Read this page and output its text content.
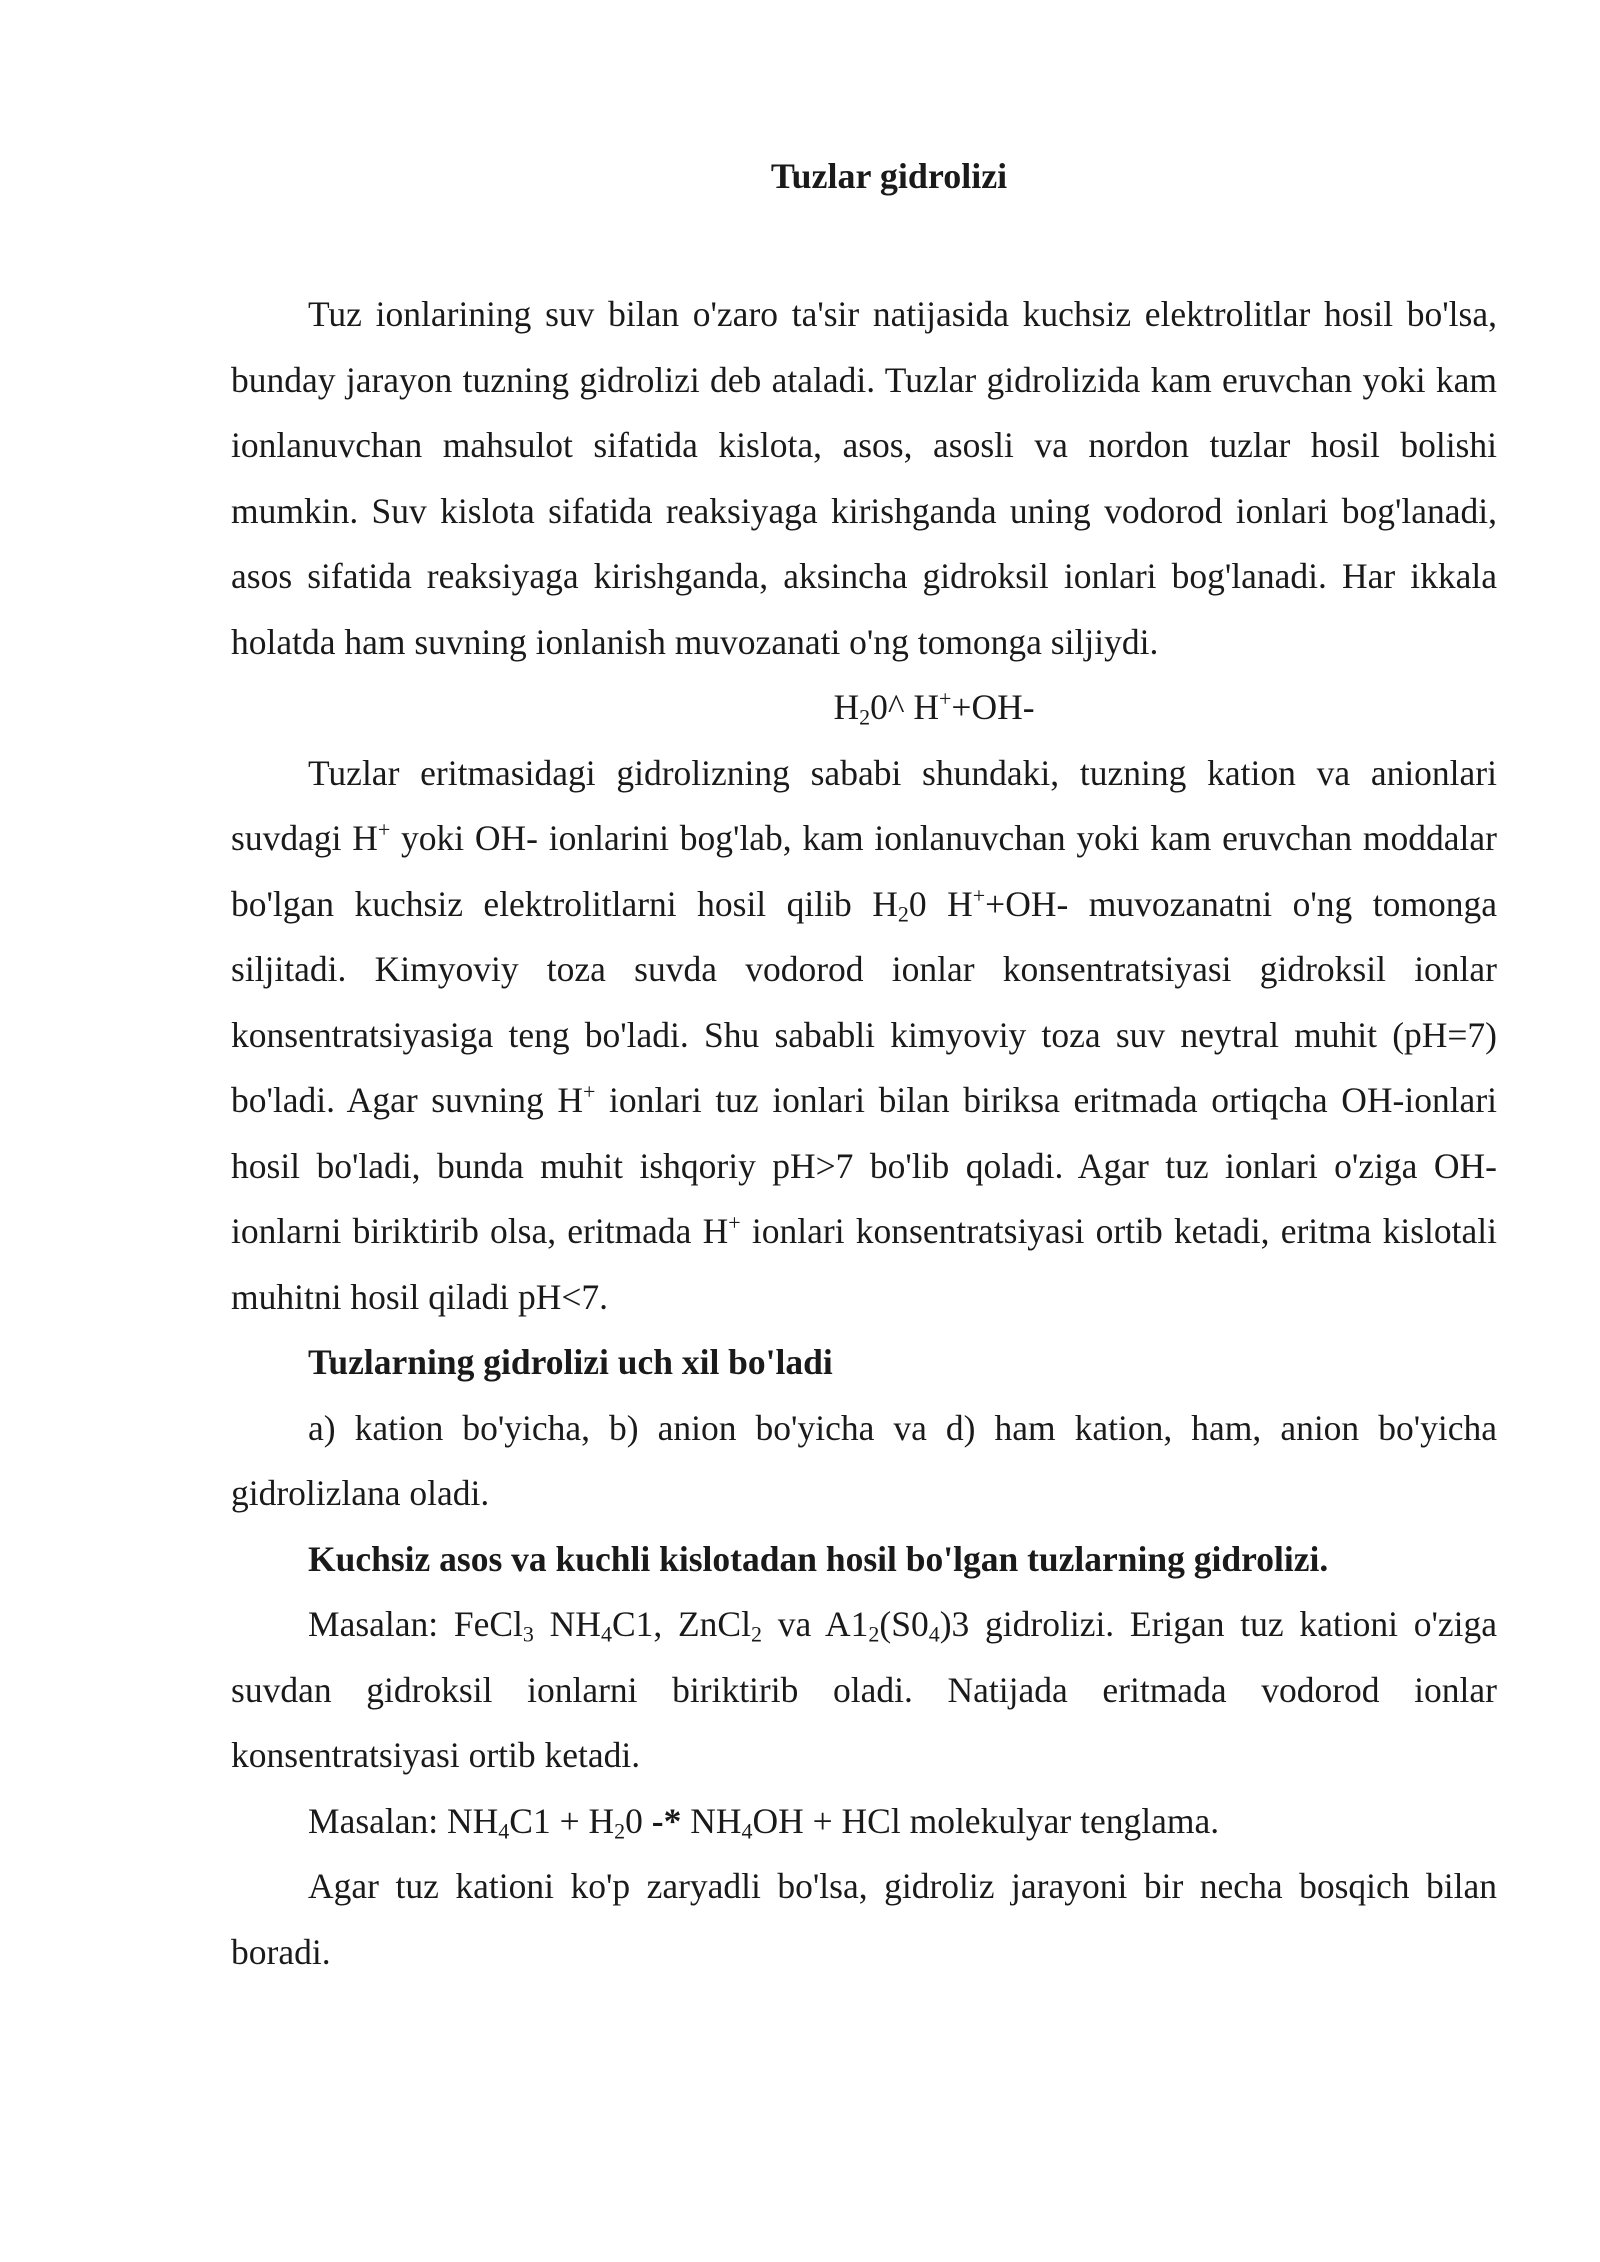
Tuzlar gidrolizi

Tuz ionlarining suv bilan o'zaro ta'sir natijasida kuchsiz elektrolitlar hosil bo'lsa, bunday jarayon tuzning gidrolizi deb ataladi. Tuzlar gidrolizida kam eruvchan yoki kam ionlanuvchan mahsulot sifatida kislota, asos, asosli va nordon tuzlar hosil bolishi mumkin. Suv kislota sifatida reaksiyaga kirishganda uning vodorod ionlari bog'lanadi, asos sifatida reaksiyaga kirishganda, aksincha gidroksil ionlari bog'lanadi. Har ikkala holatda ham suvning ionlanish muvozanati o'ng tomonga siljiydi.

$H_20\^{}$ H++OH-

Tuzlar eritmasidagi gidrolizning sababi shundaki, tuzning kation va anionlari suvdagi H+ yoki OH- ionlarini bog'lab, kam ionlanuvchan yoki kam eruvchan moddalar bo'lgan kuchsiz elektrolitlarni hosil qilib $H_20$ H++OH- muvozanatni o'ng tomonga siljitadi. Kimyoviy toza suvda vodorod ionlar konsentratsiyasi gidroksil ionlar konsentratsiyasiga teng bo'ladi. Shu sababli kimyoviy toza suv neytral muhit (pH=7) bo'ladi. Agar suvning H+ ionlari tuz ionlari bilan biriksa eritmada ortiqcha OH-ionlari hosil bo'ladi, bunda muhit ishqoriy pH>7 bo'lib qoladi. Agar tuz ionlari o'ziga OH- ionlarni biriktirib olsa, eritmada H+ ionlari konsentratsiyasi ortib ketadi, eritma kislotali muhitni hosil qiladi pH<7.

Tuzlarning gidrolizi uch xil bo'ladi

a) kation bo'yicha, b) anion bo'yicha va d) ham kation, ham, anion bo'yicha gidrolizlana oladi.

Kuchsiz asos va kuchli kislotadan hosil bo'lgan tuzlarning gidrolizi.

Masalan: FeCl$_3$ $NH_4C1$, ZnCl$_2$ va $A1_2(S0_4)3$ gidrolizi. Erigan tuz kationi o'ziga suvdan gidroksil ionlarni biriktirib oladi. Natijada eritmada vodorod ionlar konsentratsiyasi ortib ketadi.

Masalan: $NH_4C1 + H_20 -* NH_4OH$ + HCl molekulyar tenglama.

Agar tuz kationi ko'p zaryadli bo'lsa, gidroliz jarayoni bir necha bosqich bilan boradi.
